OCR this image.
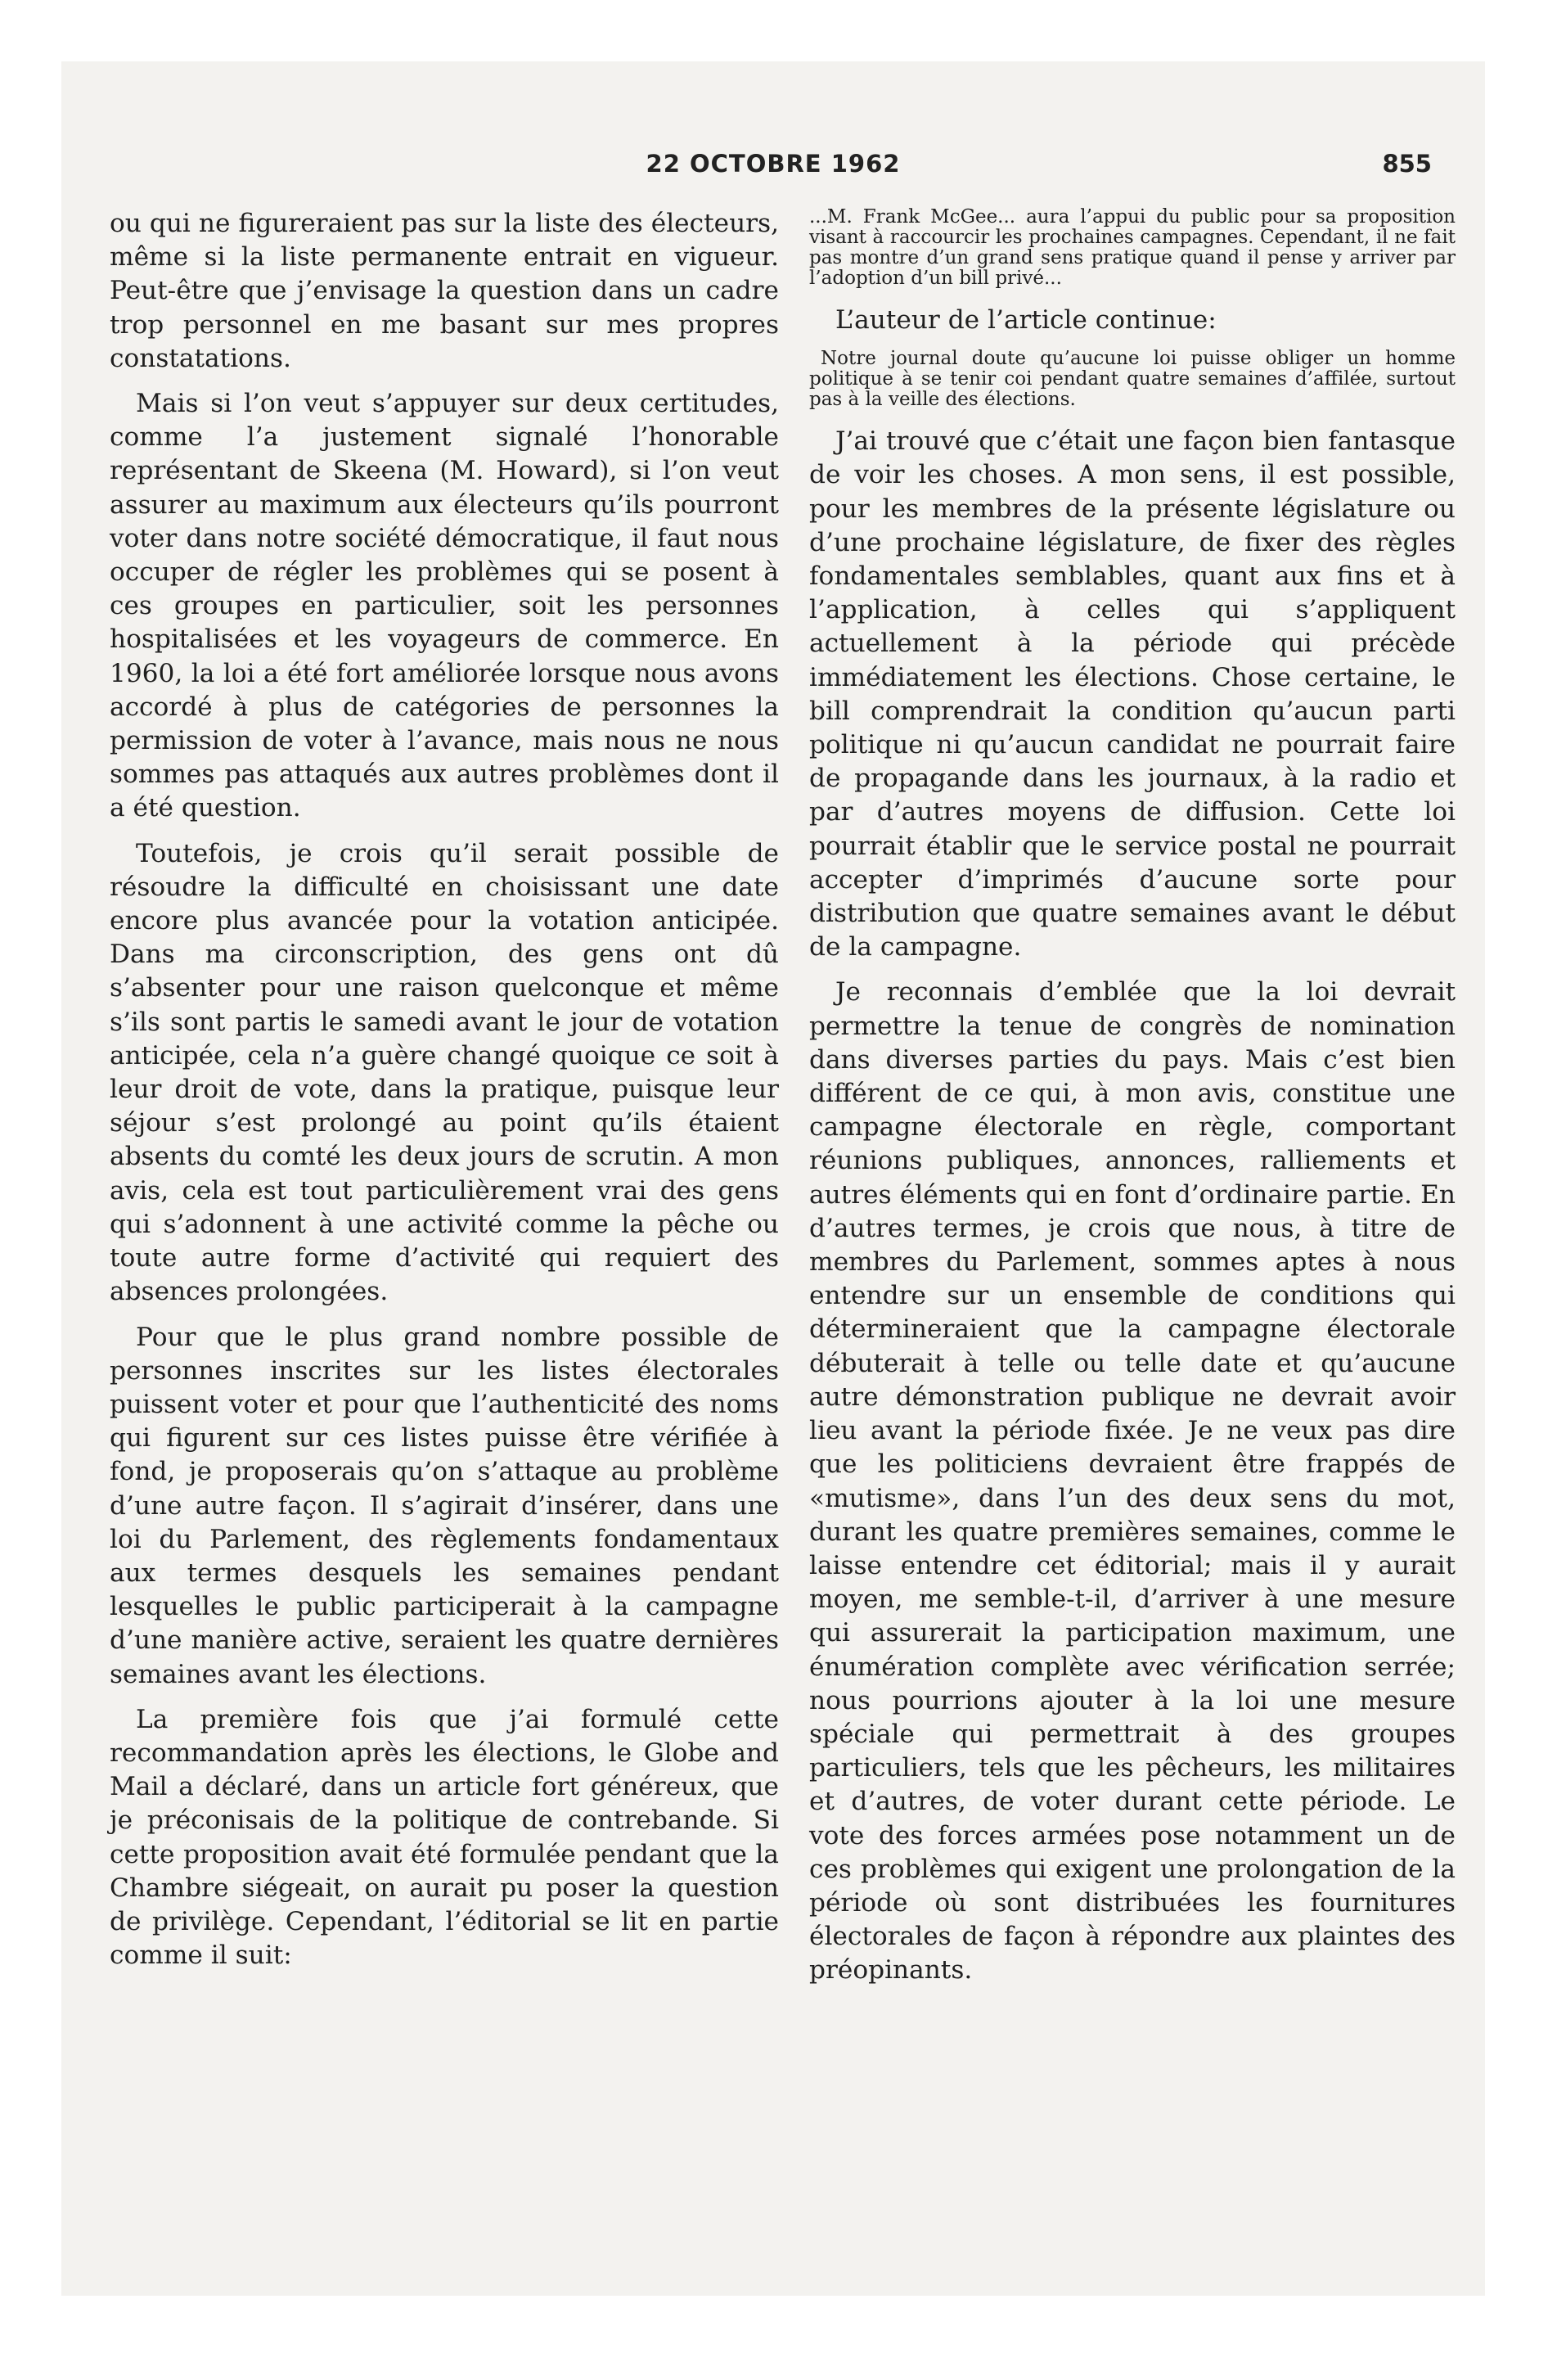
22 OCTOBRE 1962	855

ou qui ne figureraient pas sur la liste des électeurs, même si la liste permanente entrait en vigueur. Peut-être que j’envisage la question dans un cadre trop personnel en me basant sur mes propres constatations.

Mais si l’on veut s’appuyer sur deux certitudes, comme l’a justement signalé l’honorable représentant de Skeena (M. Howard), si l’on veut assurer au maximum aux électeurs qu’ils pourront voter dans notre société démocratique, il faut nous occuper de régler les problèmes qui se posent à ces groupes en particulier, soit les personnes hospitalisées et les voyageurs de commerce. En 1960, la loi a été fort améliorée lorsque nous avons accordé à plus de catégories de personnes la permission de voter à l’avance, mais nous ne nous sommes pas attaqués aux autres problèmes dont il a été question.

Toutefois, je crois qu’il serait possible de résoudre la difficulté en choisissant une date encore plus avancée pour la votation anticipée. Dans ma circonscription, des gens ont dû s’absenter pour une raison quelconque et même s’ils sont partis le samedi avant le jour de votation anticipée, cela n’a guère changé quoique ce soit à leur droit de vote, dans la pratique, puisque leur séjour s’est prolongé au point qu’ils étaient absents du comté les deux jours de scrutin. A mon avis, cela est tout particulièrement vrai des gens qui s’adonnent à une activité comme la pêche ou toute autre forme d’activité qui requiert des absences prolongées.

Pour que le plus grand nombre possible de personnes inscrites sur les listes électorales puissent voter et pour que l’authenticité des noms qui figurent sur ces listes puisse être vérifiée à fond, je proposerais qu’on s’attaque au problème d’une autre façon. Il s’agirait d’insérer, dans une loi du Parlement, des règlements fondamentaux aux termes desquels les semaines pendant lesquelles le public participerait à la campagne d’une manière active, seraient les quatre dernières semaines avant les élections.

La première fois que j’ai formulé cette recommandation après les élections, le Globe and Mail a déclaré, dans un article fort généreux, que je préconisais de la politique de contrebande. Si cette proposition avait été formulée pendant que la Chambre siégeait, on aurait pu poser la question de privilège. Cependant, l’éditorial se lit en partie comme il suit:

...M. Frank McGee... aura l’appui du public pour sa proposition visant à raccourcir les prochaines campagnes. Cependant, il ne fait pas montre d’un grand sens pratique quand il pense y arriver par l’adoption d’un bill privé...

L’auteur de l’article continue:

Notre journal doute qu’aucune loi puisse obliger un homme politique à se tenir coi pendant quatre semaines d’affilée, surtout pas à la veille des élections.

J’ai trouvé que c’était une façon bien fantasque de voir les choses. A mon sens, il est possible, pour les membres de la présente législature ou d’une prochaine législature, de fixer des règles fondamentales semblables, quant aux fins et à l’application, à celles qui s’appliquent actuellement à la période qui précède immédiatement les élections. Chose certaine, le bill comprendrait la condition qu’aucun parti politique ni qu’aucun candidat ne pourrait faire de propagande dans les journaux, à la radio et par d’autres moyens de diffusion. Cette loi pourrait établir que le service postal ne pourrait accepter d’imprimés d’aucune sorte pour distribution que quatre semaines avant le début de la campagne.

Je reconnais d’emblée que la loi devrait permettre la tenue de congrès de nomination dans diverses parties du pays. Mais c’est bien différent de ce qui, à mon avis, constitue une campagne électorale en règle, comportant réunions publiques, annonces, ralliements et autres éléments qui en font d’ordinaire partie. En d’autres termes, je crois que nous, à titre de membres du Parlement, sommes aptes à nous entendre sur un ensemble de conditions qui détermineraient que la campagne électorale débuterait à telle ou telle date et qu’aucune autre démonstration publique ne devrait avoir lieu avant la période fixée. Je ne veux pas dire que les politiciens devraient être frappés de «mutisme», dans l’un des deux sens du mot, durant les quatre premières semaines, comme le laisse entendre cet éditorial; mais il y aurait moyen, me semble-t-il, d’arriver à une mesure qui assurerait la participation maximum, une énumération complète avec vérification serrée; nous pourrions ajouter à la loi une mesure spéciale qui permettrait à des groupes particuliers, tels que les pêcheurs, les militaires et d’autres, de voter durant cette période. Le vote des forces armées pose notamment un de ces problèmes qui exigent une prolongation de la période où sont distribuées les fournitures électorales de façon à répondre aux plaintes des préopinants.
